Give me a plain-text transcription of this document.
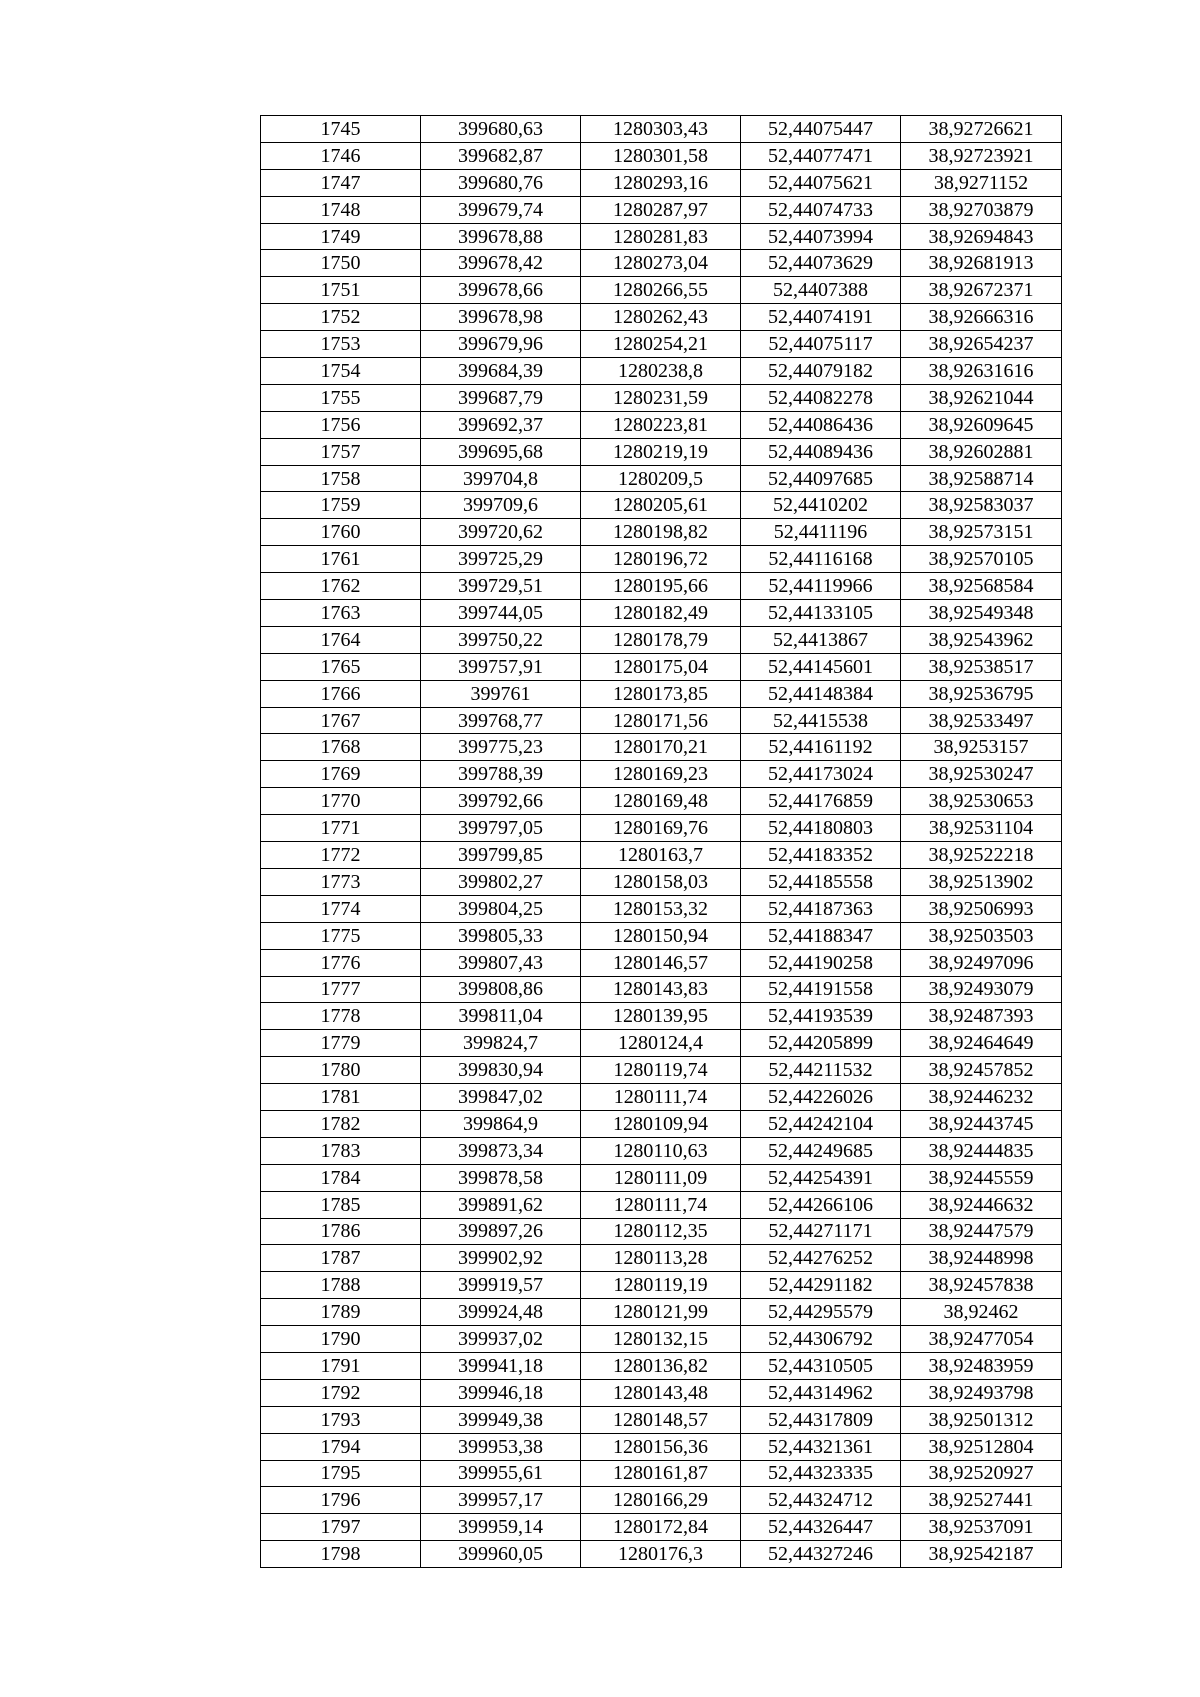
1745	399680,63	1280303,43	52,44075447	38,92726621
1746	399682,87	1280301,58	52,44077471	38,92723921
1747	399680,76	1280293,16	52,44075621	38,9271152
1748	399679,74	1280287,97	52,44074733	38,92703879
1749	399678,88	1280281,83	52,44073994	38,92694843
1750	399678,42	1280273,04	52,44073629	38,92681913
1751	399678,66	1280266,55	52,4407388	38,92672371
1752	399678,98	1280262,43	52,44074191	38,92666316
1753	399679,96	1280254,21	52,44075117	38,92654237
1754	399684,39	1280238,8	52,44079182	38,92631616
1755	399687,79	1280231,59	52,44082278	38,92621044
1756	399692,37	1280223,81	52,44086436	38,92609645
1757	399695,68	1280219,19	52,44089436	38,92602881
1758	399704,8	1280209,5	52,44097685	38,92588714
1759	399709,6	1280205,61	52,4410202	38,92583037
1760	399720,62	1280198,82	52,4411196	38,92573151
1761	399725,29	1280196,72	52,44116168	38,92570105
1762	399729,51	1280195,66	52,44119966	38,92568584
1763	399744,05	1280182,49	52,44133105	38,92549348
1764	399750,22	1280178,79	52,4413867	38,92543962
1765	399757,91	1280175,04	52,44145601	38,92538517
1766	399761	1280173,85	52,44148384	38,92536795
1767	399768,77	1280171,56	52,4415538	38,92533497
1768	399775,23	1280170,21	52,44161192	38,9253157
1769	399788,39	1280169,23	52,44173024	38,92530247
1770	399792,66	1280169,48	52,44176859	38,92530653
1771	399797,05	1280169,76	52,44180803	38,92531104
1772	399799,85	1280163,7	52,44183352	38,92522218
1773	399802,27	1280158,03	52,44185558	38,92513902
1774	399804,25	1280153,32	52,44187363	38,92506993
1775	399805,33	1280150,94	52,44188347	38,92503503
1776	399807,43	1280146,57	52,44190258	38,92497096
1777	399808,86	1280143,83	52,44191558	38,92493079
1778	399811,04	1280139,95	52,44193539	38,92487393
1779	399824,7	1280124,4	52,44205899	38,92464649
1780	399830,94	1280119,74	52,44211532	38,92457852
1781	399847,02	1280111,74	52,44226026	38,92446232
1782	399864,9	1280109,94	52,44242104	38,92443745
1783	399873,34	1280110,63	52,44249685	38,92444835
1784	399878,58	1280111,09	52,44254391	38,92445559
1785	399891,62	1280111,74	52,44266106	38,92446632
1786	399897,26	1280112,35	52,44271171	38,92447579
1787	399902,92	1280113,28	52,44276252	38,92448998
1788	399919,57	1280119,19	52,44291182	38,92457838
1789	399924,48	1280121,99	52,44295579	38,92462
1790	399937,02	1280132,15	52,44306792	38,92477054
1791	399941,18	1280136,82	52,44310505	38,92483959
1792	399946,18	1280143,48	52,44314962	38,92493798
1793	399949,38	1280148,57	52,44317809	38,92501312
1794	399953,38	1280156,36	52,44321361	38,92512804
1795	399955,61	1280161,87	52,44323335	38,92520927
1796	399957,17	1280166,29	52,44324712	38,92527441
1797	399959,14	1280172,84	52,44326447	38,92537091
1798	399960,05	1280176,3	52,44327246	38,92542187
